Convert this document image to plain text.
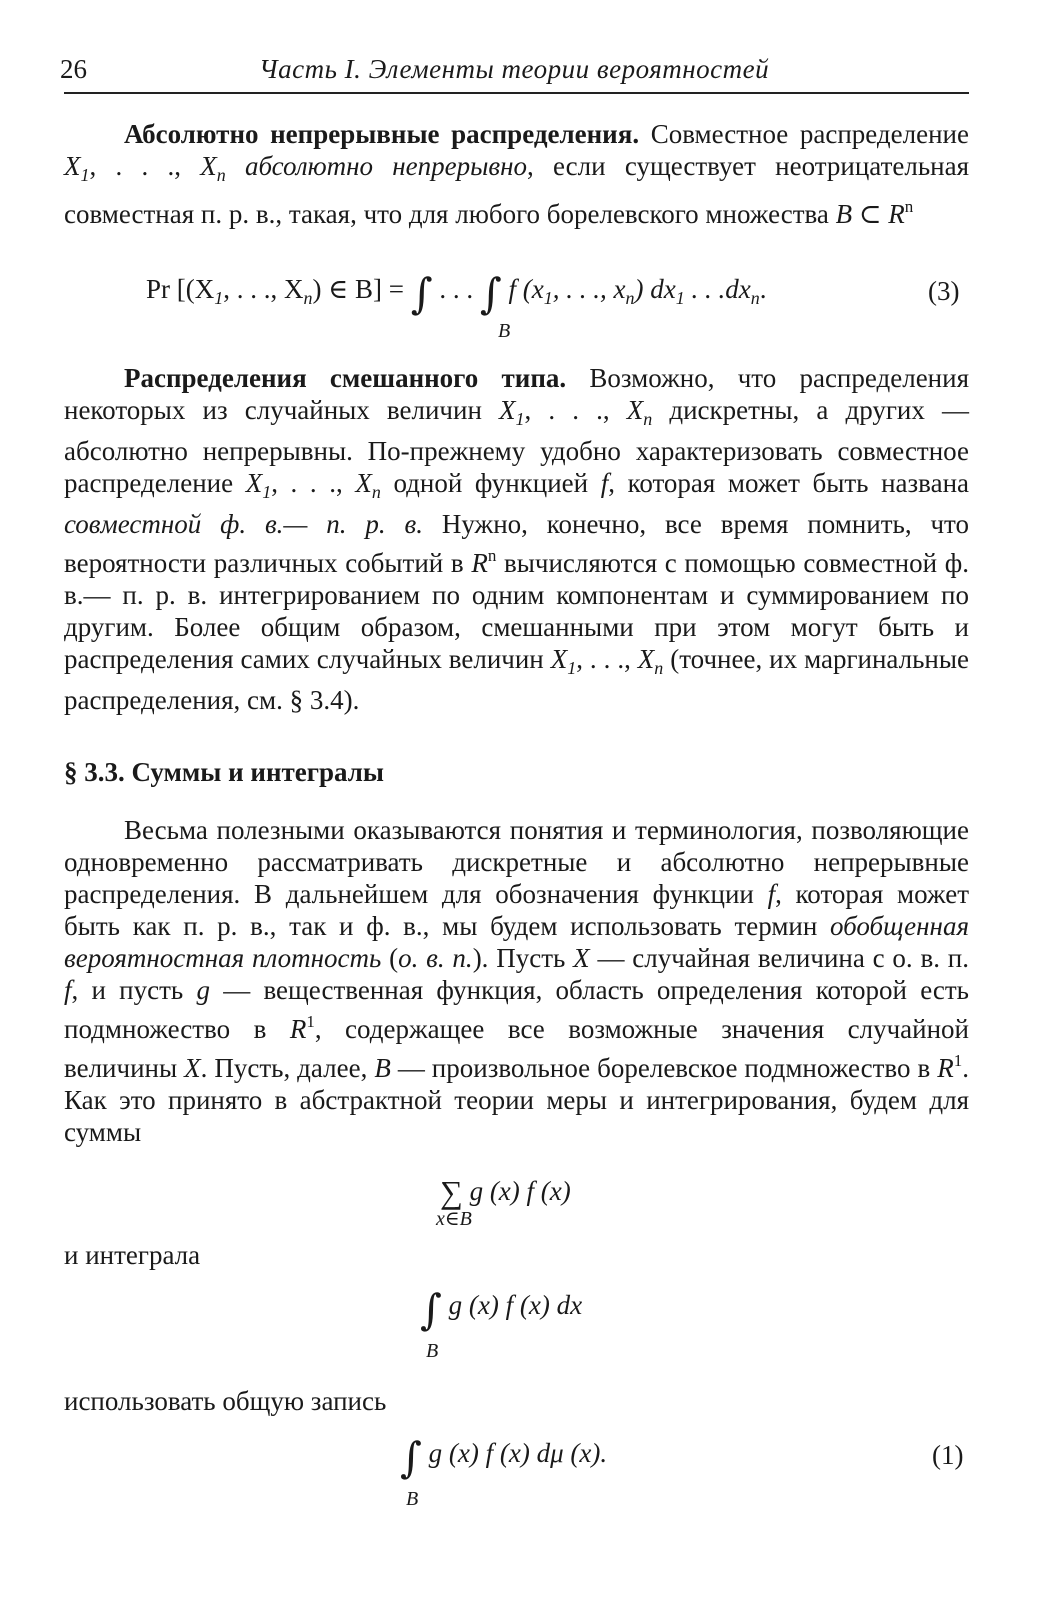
26	Часть I. Элементы теории вероятностей

Абсолютно непрерывные распределения. Совместное распределение $X_1$, . . ., $X_n$ абсолютно непрерывно, если существует неотрицательная совместная п. р. в., такая, что для любого борелевского множества B ⊂ $R^n$

Pr [($X_1$, . . ., $X_n$) ∈ B] = ∫ . . . ∫ f ($x_1$, . . ., $x_n$) $dx_1$ . . $.dx_n$.
B
(3)

Распределения смешанного типа. Возможно, что распределения некоторых из случайных величин $X_1$, . . ., $X_n$ дискретны, а других — абсолютно непрерывны. По-прежнему удобно характеризовать совместное распределение $X_1$, . . ., $X_n$ одной функцией f, которая может быть названа совместной ф. в.— п. р. в. Нужно, конечно, все время помнить, что вероятности различных событий в $R^n$ вычисляются с помощью совместной ф. в.— п. р. в. интегрированием по одним компонентам и суммированием по другим. Более общим образом, смешанными при этом могут быть и распределения самих случайных величин $X_1$, . . ., $X_n$ (точнее, их маргинальные распределения, см. § 3.4).

§ 3.3. Суммы и интегралы

Весьма полезными оказываются понятия и терминология, позволяющие одновременно рассматривать дискретные и абсолютно непрерывные распределения. В дальнейшем для обозначения функции f, которая может быть как п. р. в., так и ф. в., мы будем использовать термин обобщенная вероятностная плотность (о. в. п.). Пусть X — случайная величина с о. в. п. f, и пусть g — вещественная функция, область определения которой есть подмножество в $R^1$, содержащее все возможные значения случайной величины X. Пусть, далее, B — произвольное борелевское подмножество в $R^1$. Как это принято в абстрактной теории меры и интегрирования, будем для суммы

∑ g (x) f (x)
x∈B

и интеграла

∫ g (x) f (x) dx
B

использовать общую запись

∫ g (x) f (x) dμ (x).
B
(1)
